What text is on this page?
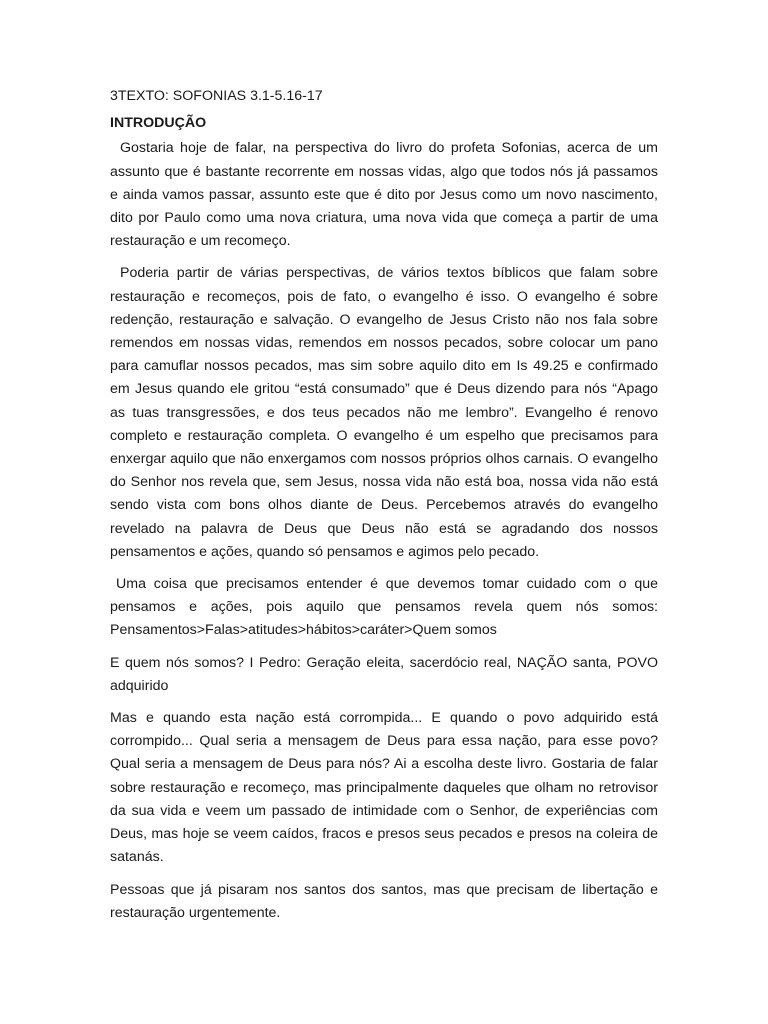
3TEXTO: SOFONIAS 3.1-5.16-17
INTRODUÇÃO

Gostaria hoje de falar, na perspectiva do livro do profeta Sofonias, acerca de um assunto que é bastante recorrente em nossas vidas, algo que todos nós já passamos e ainda vamos passar, assunto este que é dito por Jesus como um novo nascimento, dito por Paulo como uma nova criatura, uma nova vida que começa a partir de uma restauração e um recomeço.

Poderia partir de várias perspectivas, de vários textos bíblicos que falam sobre restauração e recomeços, pois de fato, o evangelho é isso. O evangelho é sobre redenção, restauração e salvação. O evangelho de Jesus Cristo não nos fala sobre remendos em nossas vidas, remendos em nossos pecados, sobre colocar um pano para camuflar nossos pecados, mas sim sobre aquilo dito em Is 49.25 e confirmado em Jesus quando ele gritou “está consumado” que é Deus dizendo para nós “Apago as tuas transgressões, e dos teus pecados não me lembro”. Evangelho é renovo completo e restauração completa. O evangelho é um espelho que precisamos para enxergar aquilo que não enxergamos com nossos próprios olhos carnais. O evangelho do Senhor nos revela que, sem Jesus, nossa vida não está boa, nossa vida não está sendo vista com bons olhos diante de Deus. Percebemos através do evangelho revelado na palavra de Deus que Deus não está se agradando dos nossos pensamentos e ações, quando só pensamos e agimos pelo pecado.

Uma coisa que precisamos entender é que devemos tomar cuidado com o que pensamos e ações, pois aquilo que pensamos revela quem nós somos: Pensamentos>Falas>atitudes>hábitos>caráter>Quem somos

E quem nós somos? I Pedro: Geração eleita, sacerdócio real, NAÇÃO santa, POVO adquirido

Mas e quando esta nação está corrompida... E quando o povo adquirido está corrompido... Qual seria a mensagem de Deus para essa nação, para esse povo? Qual seria a mensagem de Deus para nós? Ai a escolha deste livro. Gostaria de falar sobre restauração e recomeço, mas principalmente daqueles que olham no retrovisor da sua vida e veem um passado de intimidade com o Senhor, de experiências com Deus, mas hoje se veem caídos, fracos e presos seus pecados e presos na coleira de satanás.

Pessoas que já pisaram nos santos dos santos, mas que precisam de libertação e restauração urgentemente.
